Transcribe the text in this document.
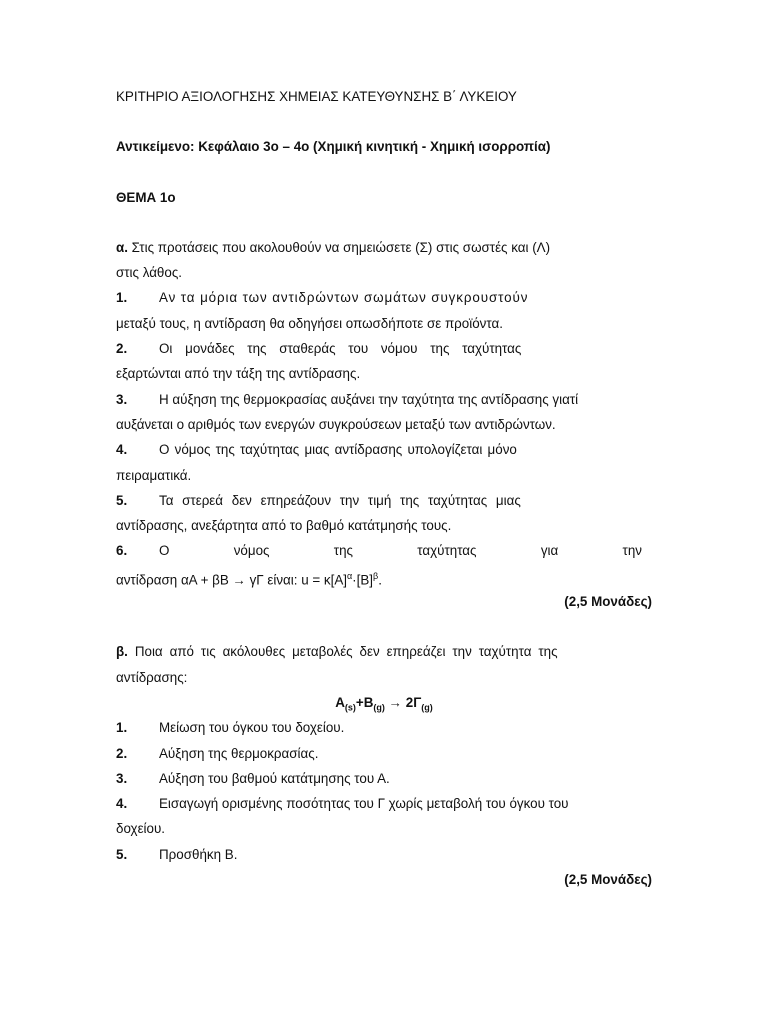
ΚΡΙΤΗΡΙΟ ΑΞΙΟΛΟΓΗΣΗΣ ΧΗΜΕΙΑΣ ΚΑΤΕΥΘΥΝΣΗΣ Β΄ ΛΥΚΕΙΟΥ
Αντικείμενο: Κεφάλαιο 3ο – 4ο (Χημική κινητική - Χημική ισορροπία)
ΘΕΜΑ 1ο
α. Στις προτάσεις που ακολουθούν να σημειώσετε (Σ) στις σωστές και (Λ)
στις λάθος.
1.	Αν τα μόρια των αντιδρώντων σωμάτων συγκρουστούν
μεταξύ τους, η αντίδραση θα οδηγήσει οπωσδήποτε σε προϊόντα.
2.	Οι μονάδες της σταθεράς του νόμου της ταχύτητας
εξαρτώνται από την τάξη της αντίδρασης.
3.	Η αύξηση της θερμοκρασίας αυξάνει την ταχύτητα της αντίδρασης γιατί
αυξάνεται ο αριθμός των ενεργών συγκρούσεων μεταξύ των αντιδρώντων.
4.	Ο νόμος της ταχύτητας μιας αντίδρασης υπολογίζεται μόνο
πειραματικά.
5.	Τα στερεά δεν επηρεάζουν την τιμή της ταχύτητας μιας
αντίδρασης, ανεξάρτητα από το βαθμό κατάτμησής τους.
6.	Ο	νόμος	της	ταχύτητας	για	την
αντίδραση αΑ + βΒ → γΓ είναι: $u = \kappa[A]^\alpha\cdot[B]^\beta$.
(2,5 Μονάδες)
β. Ποια από τις ακόλουθες μεταβολές δεν επηρεάζει την ταχύτητα της
αντίδρασης:
$A_{(s)}+B_{(g)} \to 2\Gamma_{(g)}$
1.	Μείωση του όγκου του δοχείου.
2.	Αύξηση της θερμοκρασίας.
3.	Αύξηση του βαθμού κατάτμησης του Α.
4.	Εισαγωγή ορισμένης ποσότητας του Γ χωρίς μεταβολή του όγκου του
δοχείου.
5.	Προσθήκη Β.
(2,5 Μονάδες)
